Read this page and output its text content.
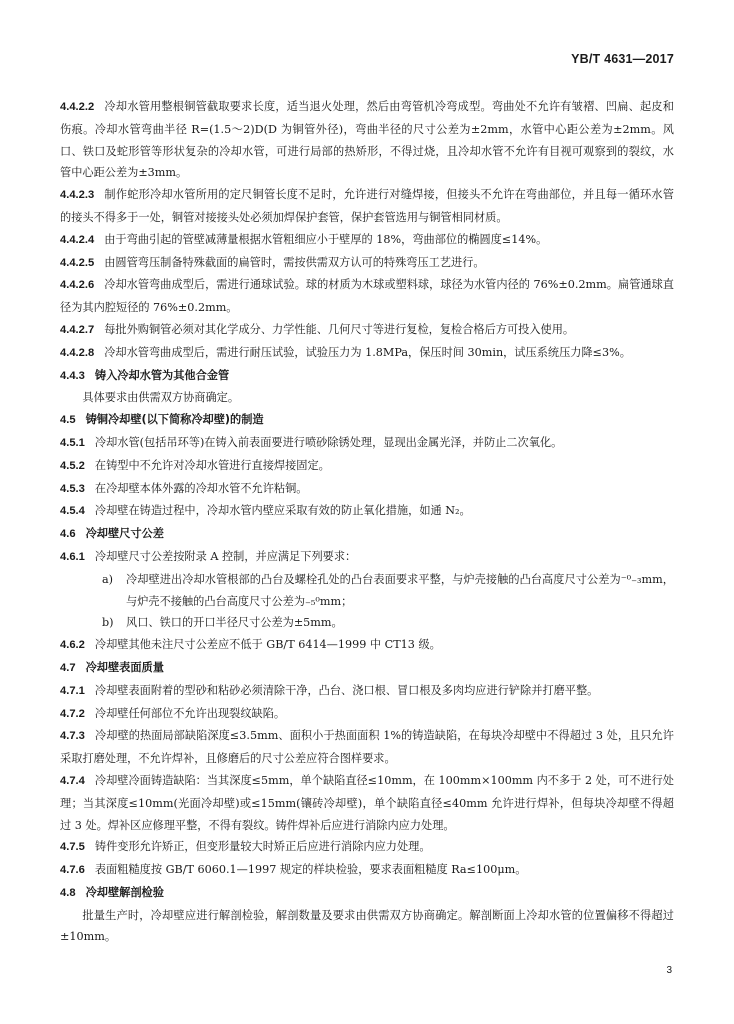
YB/T 4631—2017
4.4.2.2 冷却水管用整根铜管截取要求长度，适当退火处理，然后由弯管机冷弯成型。弯曲处不允许有皱褶、凹扁、起皮和伤痕。冷却水管弯曲半径 R=(1.5～2)D(D 为铜管外径)，弯曲半径的尺寸公差为±2mm，水管中心距公差为±2mm。风口、铁口及蛇形管等形状复杂的冷却水管，可进行局部的热矫形，不得过烧，且冷却水管不允许有目视可观察到的裂纹，水管中心距公差为±3mm。
4.4.2.3 制作蛇形冷却水管所用的定尺铜管长度不足时，允许进行对缝焊接，但接头不允许在弯曲部位，并且每一循环水管的接头不得多于一处，铜管对接接头处必须加焊保护套管，保护套管选用与铜管相同材质。
4.4.2.4 由于弯曲引起的管壁减薄量根据水管粗细应小于壁厚的 18%，弯曲部位的椭圆度≤14%。
4.4.2.5 由圆管弯压制备特殊截面的扁管时，需按供需双方认可的特殊弯压工艺进行。
4.4.2.6 冷却水管弯曲成型后，需进行通球试验。球的材质为木球或塑料球，球径为水管内径的 76%±0.2mm。扁管通球直径为其内腔短径的 76%±0.2mm。
4.4.2.7 每批外购铜管必须对其化学成分、力学性能、几何尺寸等进行复检，复检合格后方可投入使用。
4.4.2.8 冷却水管弯曲成型后，需进行耐压试验，试验压力为 1.8MPa，保压时间 30min，试压系统压力降≤3%。
4.4.3 铸入冷却水管为其他合金管
具体要求由供需双方协商确定。
4.5 铸铜冷却壁(以下简称冷却壁)的制造
4.5.1 冷却水管(包括吊环等)在铸入前表面要进行喷砂除锈处理，显现出金属光泽，并防止二次氧化。
4.5.2 在铸型中不允许对冷却水管进行直接焊接固定。
4.5.3 在冷却壁本体外露的冷却水管不允许粘铜。
4.5.4 冷却壁在铸造过程中，冷却水管内壁应采取有效的防止氧化措施，如通 N₂。
4.6 冷却壁尺寸公差
4.6.1 冷却壁尺寸公差按附录 A 控制，并应满足下列要求：
a) 冷却壁进出冷却水管根部的凸台及螺栓孔处的凸台表面要求平整，与炉壳接触的凸台高度尺寸公差为⁻⁰₋₃mm，与炉壳不接触的凸台高度尺寸公差为₋₅⁰mm；
b) 风口、铁口的开口半径尺寸公差为±5mm。
4.6.2 冷却壁其他未注尺寸公差应不低于 GB/T 6414—1999 中 CT13 级。
4.7 冷却壁表面质量
4.7.1 冷却壁表面附着的型砂和粘砂必须清除干净，凸台、浇口根、冒口根及多肉均应进行铲除并打磨平整。
4.7.2 冷却壁任何部位不允许出现裂纹缺陷。
4.7.3 冷却壁的热面局部缺陷深度≤3.5mm、面积小于热面面积 1%的铸造缺陷，在每块冷却壁中不得超过 3 处，且只允许采取打磨处理，不允许焊补，且修磨后的尺寸公差应符合图样要求。
4.7.4 冷却壁冷面铸造缺陷：当其深度≤5mm，单个缺陷直径≤10mm，在 100mm×100mm 内不多于 2 处，可不进行处理；当其深度≤10mm(光面冷却壁)或≤15mm(镶砖冷却壁)，单个缺陷直径≤40mm 允许进行焊补，但每块冷却壁不得超过 3 处。焊补区应修理平整，不得有裂纹。铸件焊补后应进行消除内应力处理。
4.7.5 铸件变形允许矫正，但变形量较大时矫正后应进行消除内应力处理。
4.7.6 表面粗糙度按 GB/T 6060.1—1997 规定的样块检验，要求表面粗糙度 Ra≤100μm。
4.8 冷却壁解剖检验
批量生产时，冷却壁应进行解剖检验，解剖数量及要求由供需双方协商确定。解剖断面上冷却水管的位置偏移不得超过±10mm。
3
